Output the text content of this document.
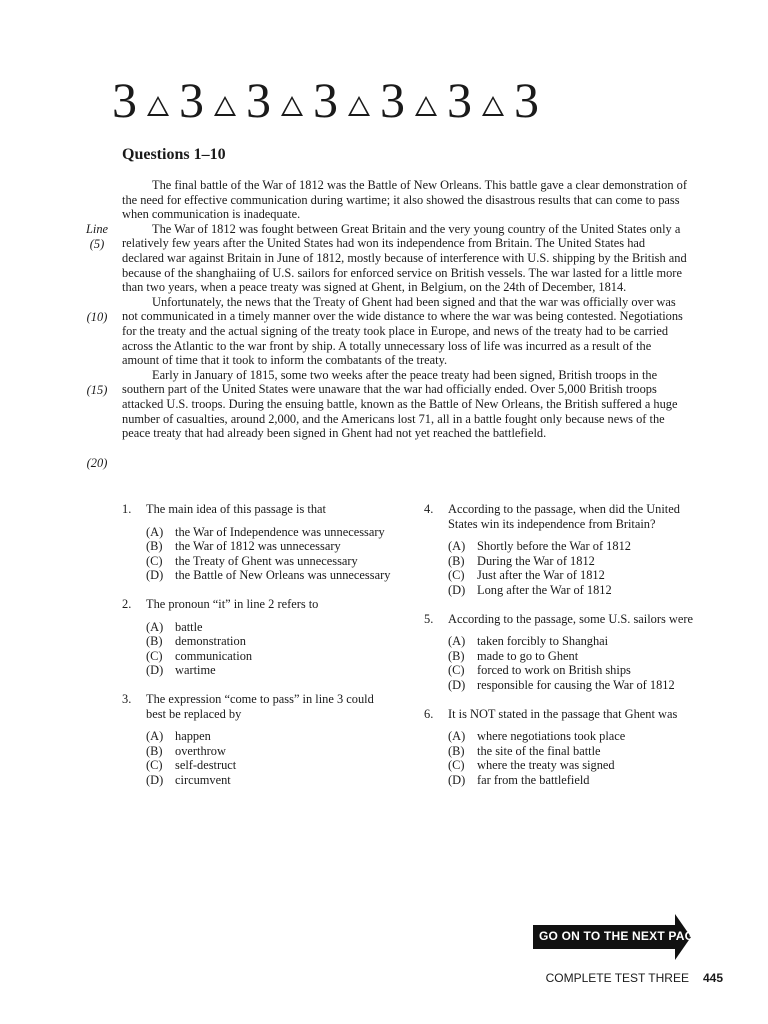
3 3 3 3 3 3 3
Questions 1–10
Line
(5)
(10)
(15)
(20)

The final battle of the War of 1812 was the Battle of New Orleans. This battle gave a clear demonstration of the need for effective communication during wartime; it also showed the disastrous results that can come to pass when communication is inadequate.

The War of 1812 was fought between Great Britain and the very young country of the United States only a relatively few years after the United States had won its independence from Britain. The United States had declared war against Britain in June of 1812, mostly because of interference with U.S. shipping by the British and because of the shanghaiing of U.S. sailors for enforced service on British vessels. The war lasted for a little more than two years, when a peace treaty was signed at Ghent, in Belgium, on the 24th of December, 1814.

Unfortunately, the news that the Treaty of Ghent had been signed and that the war was officially over was not communicated in a timely manner over the wide distance to where the war was being contested. Negotiations for the treaty and the actual signing of the treaty took place in Europe, and news of the treaty had to be carried across the Atlantic to the war front by ship. A totally unnecessary loss of life was incurred as a result of the amount of time that it took to inform the combatants of the treaty.

Early in January of 1815, some two weeks after the peace treaty had been signed, British troops in the southern part of the United States were unaware that the war had officially ended. Over 5,000 British troops attacked U.S. troops. During the ensuing battle, known as the Battle of New Orleans, the British suffered a huge number of casualties, around 2,000, and the Americans lost 71, all in a battle fought only because news of the peace treaty that had already been signed in Ghent had not yet reached the battlefield.

1.	The main idea of this passage is that
(A) the War of Independence was unnecessary
(B)	the War of 1812 was unnecessary
(C)	the Treaty of Ghent was unnecessary
(D) the Battle of New Orleans was unnecessary
2.	The pronoun “it” in line 2 refers to
(A) battle
(B)	demonstration
(C)	communication
(D) wartime
3.	The expression “come to pass” in line 3 could best be replaced by
(A) happen
(B)	overthrow
(C)	self-destruct
(D) circumvent
4.	According to the passage, when did the United States win its independence from Britain?
(A) Shortly before the War of 1812
(B)	During the War of 1812
(C)	Just after the War of 1812
(D) Long after the War of 1812
5.	According to the passage, some U.S. sailors were
(A) taken forcibly to Shanghai
(B)	made to go to Ghent
(C)	forced to work on British ships
(D) responsible for causing the War of 1812
6.	It is NOT stated in the passage that Ghent was
(A) where negotiations took place
(B)	the site of the final battle
(C)	where the treaty was signed
(D) far from the battlefield
GO ON TO THE NEXT PAGE
COMPLETE TEST THREE 445
